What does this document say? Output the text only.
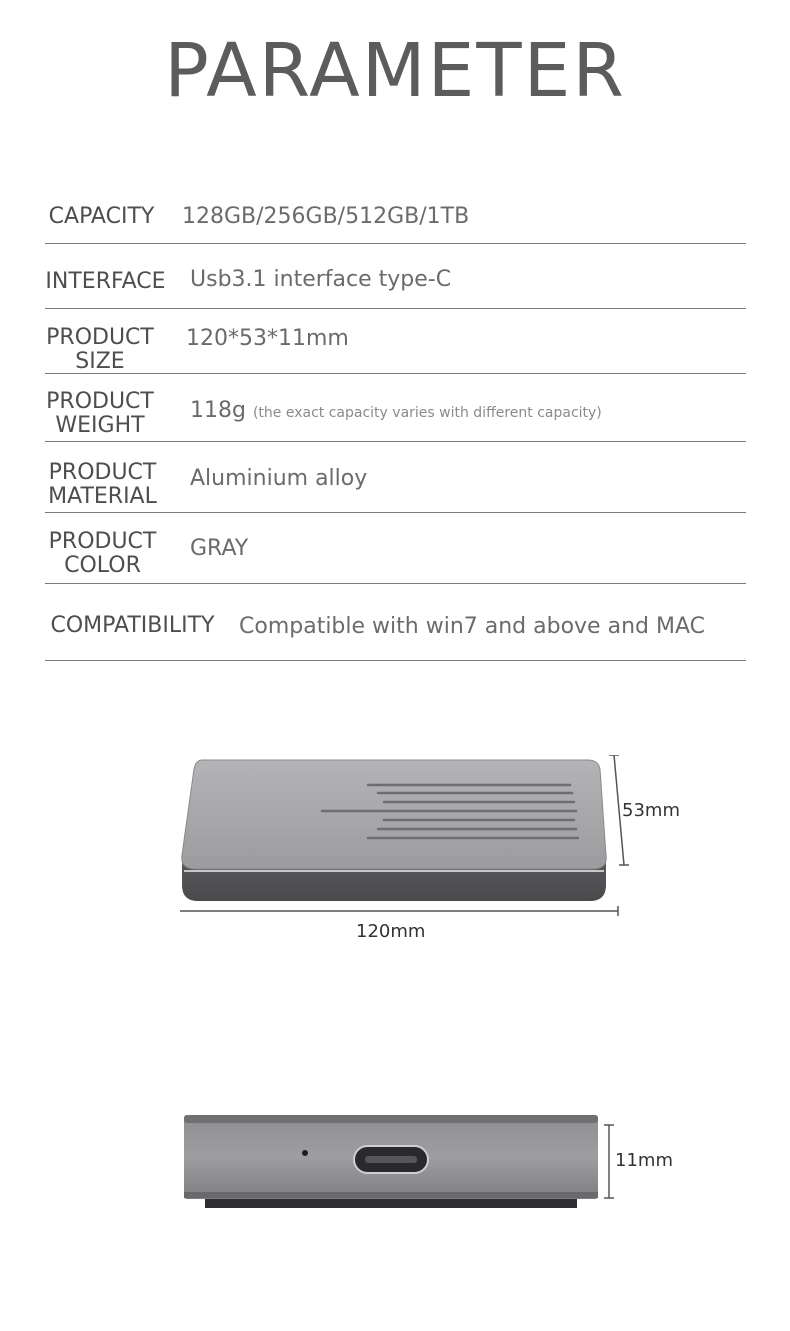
PARAMETER
CAPACITY 128GB/256GB/512GB/1TB
INTERFACE Usb3.1 interface type-C
PRODUCT
SIZE
120*53*11mm
PRODUCT
WEIGHT
118g (the exact capacity varies with different capacity)
PRODUCT
MATERIAL
Aluminium alloy
PRODUCT
COLOR
GRAY
COMPATIBILITY Compatible with win7 and above and MAC
53mm
120mm
11mm
